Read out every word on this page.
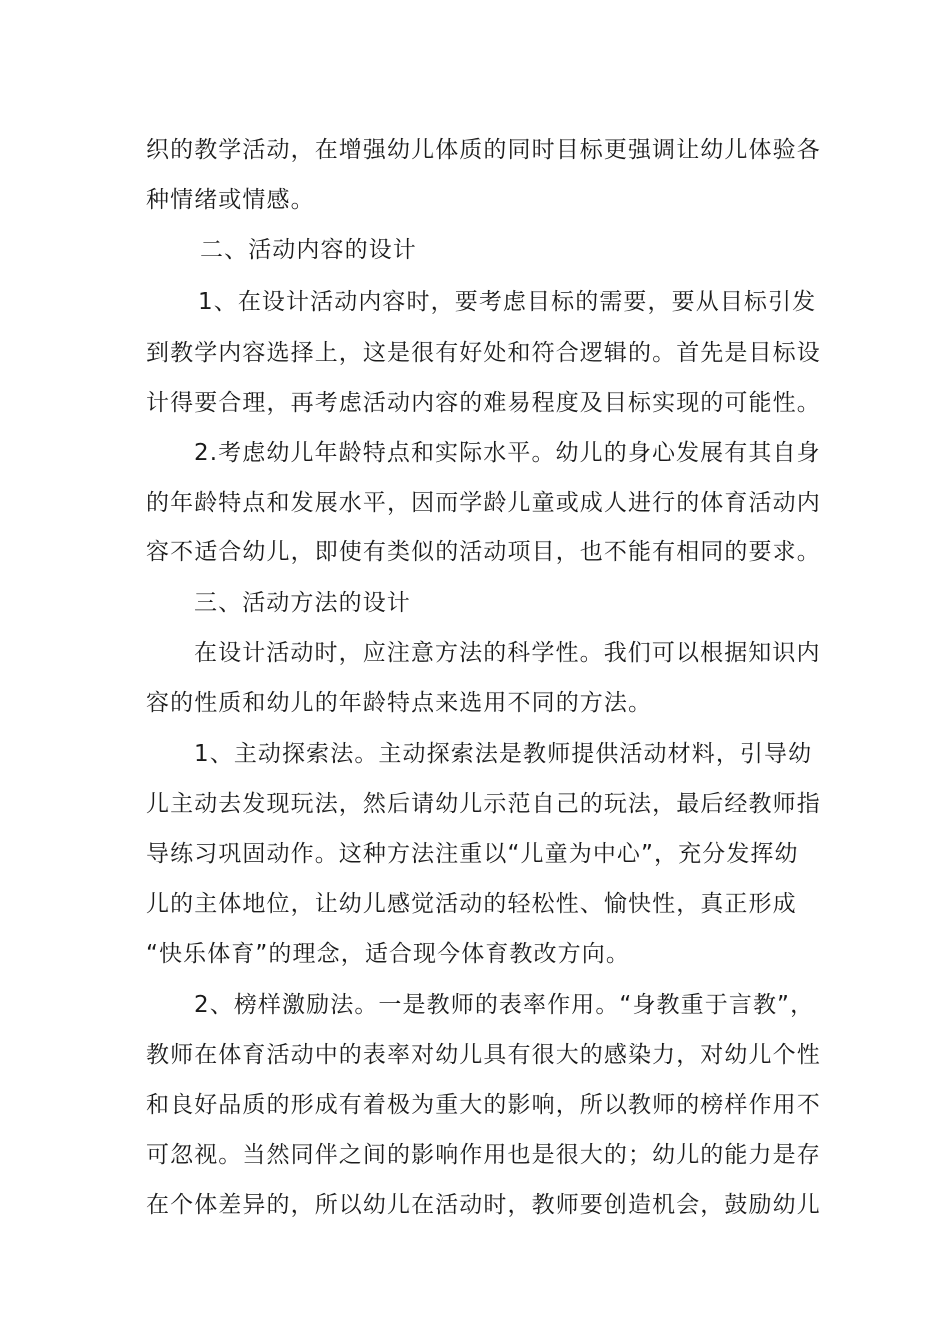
织的教学活动，在增强幼儿体质的同时目标更强调让幼儿体验各
种情绪或情感。
二、活动内容的设计
1、在设计活动内容时，要考虑目标的需要，要从目标引发
到教学内容选择上，这是很有好处和符合逻辑的。首先是目标设
计得要合理，再考虑活动内容的难易程度及目标实现的可能性。
2.考虑幼儿年龄特点和实际水平。幼儿的身心发展有其自身
的年龄特点和发展水平，因而学龄儿童或成人进行的体育活动内
容不适合幼儿，即使有类似的活动项目，也不能有相同的要求。
三、活动方法的设计
在设计活动时，应注意方法的科学性。我们可以根据知识内
容的性质和幼儿的年龄特点来选用不同的方法。
1、主动探索法。主动探索法是教师提供活动材料，引导幼
儿主动去发现玩法，然后请幼儿示范自己的玩法，最后经教师指
导练习巩固动作。这种方法注重以“儿童为中心”，充分发挥幼
儿的主体地位，让幼儿感觉活动的轻松性、愉快性，真正形成
“快乐体育”的理念，适合现今体育教改方向。
2、榜样激励法。一是教师的表率作用。“身教重于言教”，
教师在体育活动中的表率对幼儿具有很大的感染力，对幼儿个性
和良好品质的形成有着极为重大的影响，所以教师的榜样作用不
可忽视。当然同伴之间的影响作用也是很大的；幼儿的能力是存
在个体差异的，所以幼儿在活动时，教师要创造机会，鼓励幼儿
